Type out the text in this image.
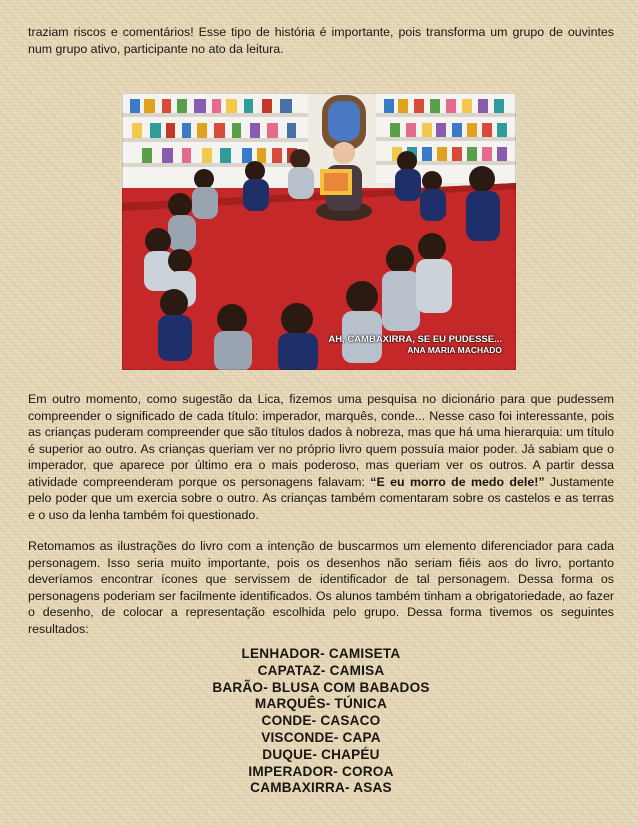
traziam riscos e comentários! Esse tipo de história é importante, pois transforma um grupo de ouvintes num grupo ativo, participante no ato da leitura.

AH, CAMBAXIRRA, SE EU PUDESSE...
ANA MARIA MACHADO

Em outro momento, como sugestão da Lica, fizemos uma pesquisa no dicionário para que pudessem compreender o significado de cada título: imperador, marquês, conde... Nesse caso foi interessante, pois as crianças puderam compreender que são títulos dados à nobreza, mas que há uma hierarquia: um título é superior ao outro. As crianças queriam ver no próprio livro quem possuía maior poder. Já sabiam que o imperador, que aparece por último era o mais poderoso, mas queriam ver os outros. A partir dessa atividade compreenderam porque os personagens falavam: “E eu morro de medo dele!” Justamente pelo poder que um exercia sobre o outro. As crianças também comentaram sobre os castelos e as terras e o uso da lenha também foi questionado.

Retomamos as ilustrações do livro com a intenção de buscarmos um elemento diferenciador para cada personagem. Isso seria muito importante, pois os desenhos não seriam fiéis aos do livro, portanto deveríamos encontrar ícones que servissem de identificador de tal personagem. Dessa forma os personagens poderiam ser facilmente identificados. Os alunos também tinham a obrigatoriedade, ao fazer o desenho, de colocar a representação escolhida pelo grupo. Dessa forma tivemos os seguintes resultados:

LENHADOR- CAMISETA
CAPATAZ- CAMISA
BARÃO- BLUSA COM BABADOS
MARQUÊS- TÚNICA
CONDE- CASACO
VISCONDE- CAPA
DUQUE- CHAPÉU
IMPERADOR- COROA
CAMBAXIRRA- ASAS
